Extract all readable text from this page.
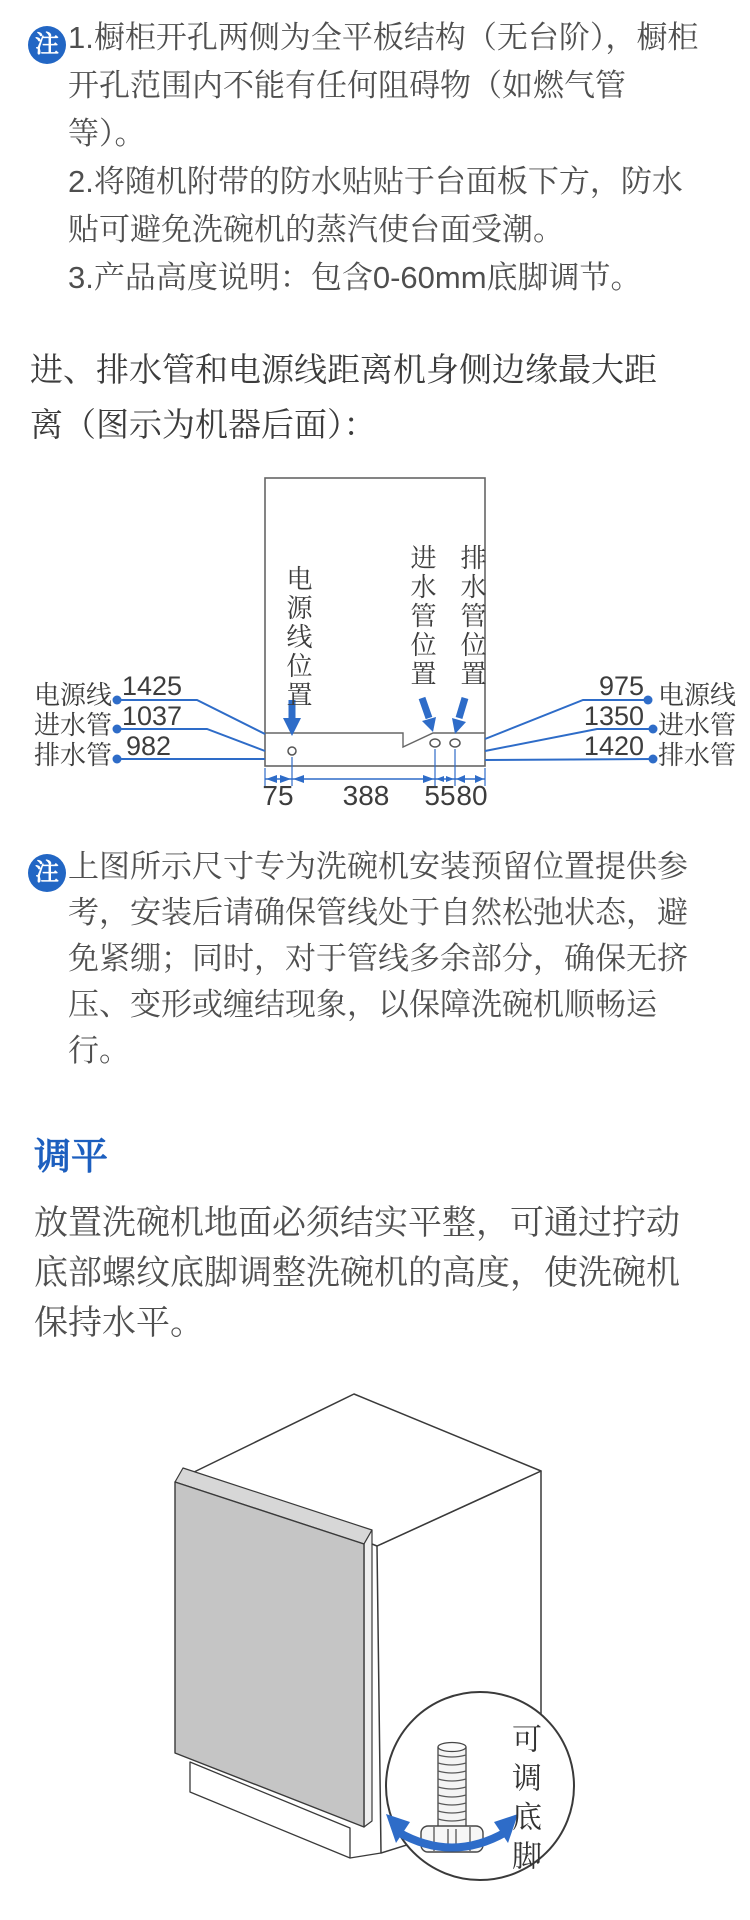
注 1.橱柜开孔两侧为全平板结构（无台阶），橱柜开孔范围内不能有任何阻碍物（如燃气管等）。
2.将随机附带的防水贴贴于台面板下方，防水贴可避免洗碗机的蒸汽使台面受潮。
3.产品高度说明：包含0-60mm底脚调节。
进、排水管和电源线距离机身侧边缘最大距离（图示为机器后面）：
电源线位置	进水管位置 排水管位置
电源线 1425
进水管 1037
排水管 982
975 电源线
1350 进水管
1420 排水管
75 388 55 80
注 上图所示尺寸专为洗碗机安装预留位置提供参考，安装后请确保管线处于自然松弛状态，避免紧绷；同时，对于管线多余部分，确保无挤压、变形或缠结现象，以保障洗碗机顺畅运行。
调平
放置洗碗机地面必须结实平整，可通过拧动底部螺纹底脚调整洗碗机的高度，使洗碗机保持水平。
可调底脚
